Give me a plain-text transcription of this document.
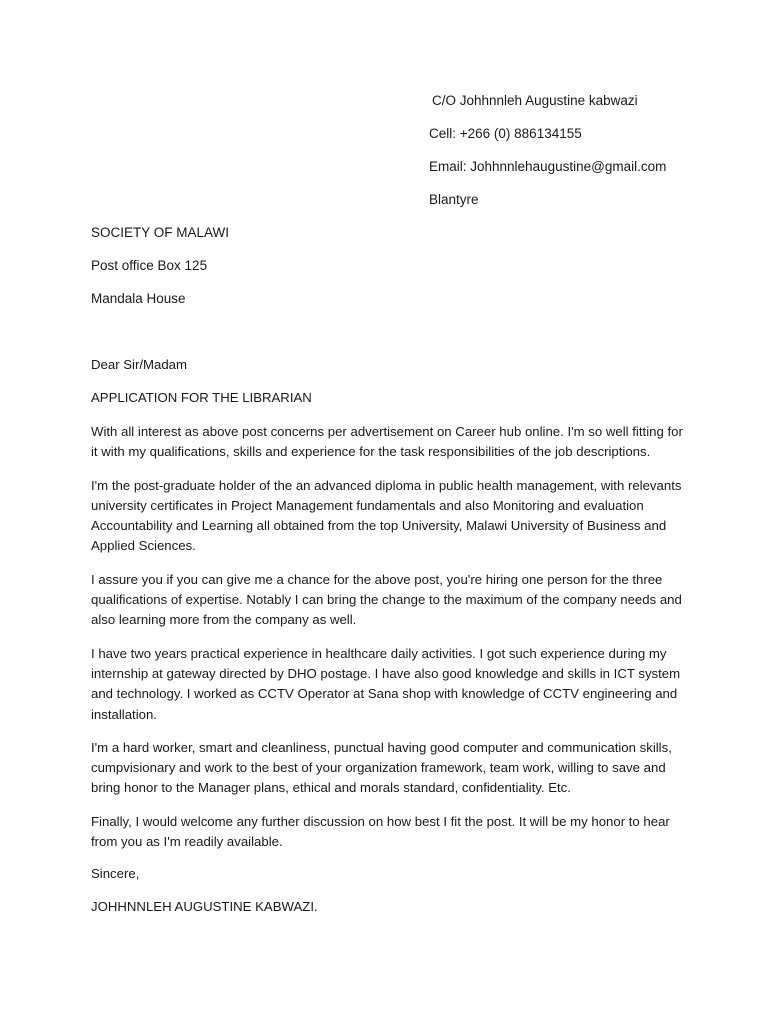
C/O Johhnnleh Augustine kabwazi
Cell: +266 (0) 886134155
Email: Johhnnlehaugustine@gmail.com
Blantyre
SOCIETY OF MALAWI
Post office Box 125
Mandala House

Dear Sir/Madam

APPLICATION FOR THE LIBRARIAN

With all interest as above post concerns per advertisement on Career hub online. I'm so well fitting for it with my qualifications, skills and experience for the task responsibilities of the job descriptions.

I'm the post-graduate holder of the an advanced diploma in public health management, with relevants university certificates in Project Management fundamentals and also Monitoring and evaluation Accountability and Learning all obtained from the top University, Malawi University of Business and Applied Sciences.

I assure you if you can give me a chance for the above post, you're hiring one person for the three qualifications of expertise. Notably I can bring the change to the maximum of the company needs and also learning more from the company as well.

I have two years practical experience in healthcare daily activities. I got such experience during my internship at gateway directed by DHO postage. I have also good knowledge and skills in ICT system and technology. I worked as CCTV Operator at Sana shop with knowledge of CCTV engineering and installation.

I'm a hard worker, smart and cleanliness, punctual having good computer and communication skills, cumpvisionary and work to the best of your organization framework, team work, willing to save and bring honor to the Manager plans, ethical and morals standard, confidentiality. Etc.

Finally, I would welcome any further discussion on how best I fit the post. It will be my honor to hear from you as I'm readily available.

Sincere,

JOHHNNLEH AUGUSTINE KABWAZI.
